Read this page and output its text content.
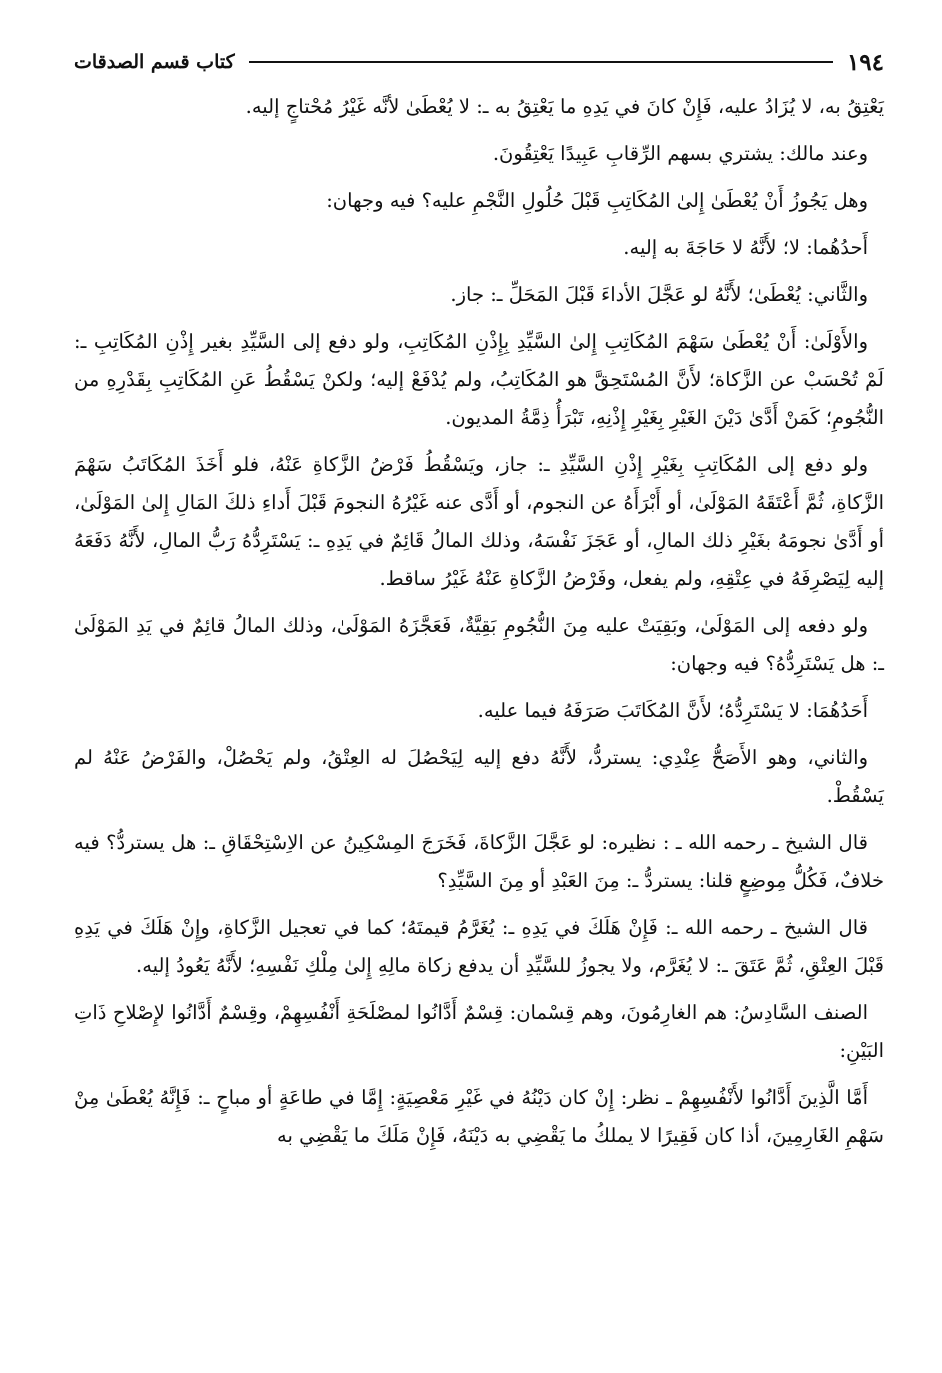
١٩٤
كتاب قسم الصدقات

يَعْتِقُ به، لا يُزَادُ عليه، فَإِنْ كانَ في يَدِهِ ما يَعْتِقُ به ـ: لا يُعْطَىٰ لأنَّه غَيْرُ مُحْتاجٍ إليه.

وعند مالك: يشتري بسهم الرِّقابِ عَبِيدًا يَعْتِقُونَ.

وهل يَجُوزُ أَنْ يُعْطَىٰ إِلىٰ المُكَاتِبِ قَبْلَ حُلُولِ النَّجْمِ عليه؟ فيه وجهان:

أَحدُهُما: لا؛ لأَنَّهُ لا حَاجَةَ به إليه.

والثَّاني: يُعْطَىٰ؛ لأَنَّهُ لو عَجَّلَ الأداءَ قَبْلَ المَحَلِّ ـ: جاز.

والأَوْلَىٰ: أَنْ يُعْطَىٰ سَهْمَ المُكَاتِبِ إِلىٰ السَّيِّدِ بِإِذْنِ المُكَاتِبِ، ولو دفع إلى السَّيِّدِ بغير إِذْنِ المُكَاتِبِ ـ: لَمْ تُحْسَبْ عن الزَّكاة؛ لأَنَّ المُسْتَحِقَّ هو المُكَاتِبُ، ولم يُدْفَعْ إليه؛ ولكنْ يَسْقُطُ عَنِ المُكَاتِبِ بِقَدْرِهِ من النُّجُومِ؛ كَمَنْ أَدَّىٰ دَيْنَ الغَيْرِ بِغَيْرِ إِذْنِهِ، تَبْرَأُ ذِمَّةُ المديون.

ولو دفع إلى المُكَاتِبِ بِغَيْرِ إِذْنِ السَّيِّدِ ـ: جاز، ويَسْقُطُ فَرْضُ الزَّكاةِ عَنْهُ، فلو أَخَذَ المُكَاتَبُ سَهْمَ الزَّكاةِ، ثُمَّ أَعْتَقَهُ المَوْلَىٰ، أو أَبْرَأَهُ عن النجوم، أو أَدَّى عنه غَيْرُهُ النجومَ قَبْلَ أَداءِ ذلكَ المَالِ إِلىٰ المَوْلَىٰ، أو أَدَّىٰ نجومَهُ بغَيْرِ ذلك المالِ، أو عَجَزَ نَفْسَهُ، وذلك المالُ قَائِمٌ في يَدِهِ ـ: يَسْتَرِدُّهُ رَبُّ المالِ، لأَنَّهُ دَفَعَهُ إليه لِيَصْرِفَهُ في عِتْقِهِ، ولم يفعل، وفَرْضُ الزَّكاةِ عَنْهُ غَيْرُ ساقط.

ولو دفعه إلى المَوْلَىٰ، وبَقِيَتْ عليه مِنَ النُّجُومِ بَقِيَّةٌ، فَعَجَّزَهُ المَوْلَىٰ، وذلك المالُ قائِمٌ في يَدِ المَوْلَىٰ ـ: هل يَسْتَرِدُّهُ؟ فيه وجهان:

أَحَدُهُمَا: لا يَسْتَرِدُّهُ؛ لأَنَّ المُكَاتَبَ صَرَفَهُ فيما عليه.

والثاني، وهو الأَصَحُّ عِنْدِي: يستردُّ، لأَنَّهُ دفع إليه لِيَحْصُلَ له العِتْقُ، ولم يَحْصُلْ، والفَرْضُ عَنْهُ لم يَسْقُطْ.

قال الشيخ ـ رحمه الله ـ : نظيره: لو عَجَّلَ الزَّكاةَ، فَخَرَجَ المِسْكِينُ عن الاِسْتِحْقَاقِ ـ: هل يستردُّ؟ فيه خلافٌ، فَكُلُّ مِوضِعٍ قلنا: يستردُّ ـ: مِنَ العَبْدِ أو مِنَ السَّيِّدِ؟

قال الشيخ ـ رحمه الله ـ: فَإِنْ هَلَكَ في يَدِهِ ـ: يُغَرَّمُ قيمتَهُ؛ كما في تعجيل الزَّكاةِ، وإِنْ هَلَكَ في يَدِهِ قَبْلَ العِتْقِ، ثُمَّ عَتَقَ ـ: لا يُغَرَّم، ولا يجوزُ للسَّيِّدِ أن يدفع زكاة مالِهِ إِلىٰ مِلْكِ نَفْسِهِ؛ لأَنَّهُ يَعُودُ إليه.

الصنف السَّادِسُ: هم الغارِمُونَ، وهم قِسْمان: قِسْمٌ أَدَّانُوا لمصْلَحَةِ أَنْفُسِهِمْ، وقِسْمٌ أَدَّانُوا لإِصْلاحِ ذَاتِ البَيْنِ:

أَمَّا الَّذِينَ أَدَّانُوا لأَنْفُسِهِمْ ـ نظر: إِنْ كان دَيْنُهُ في غَيْرِ مَعْصِيَةٍ: إِمَّا في طاعَةٍ أو مباحٍ ـ: فَإِنَّهُ يُعْطَىٰ مِنْ سَهْمِ الغَارِمِينَ، أذا كان فَقِيرًا لا يملكُ ما يَقْضِي به دَيْنَهُ، فَإِنْ مَلَكَ ما يَقْضِي به
